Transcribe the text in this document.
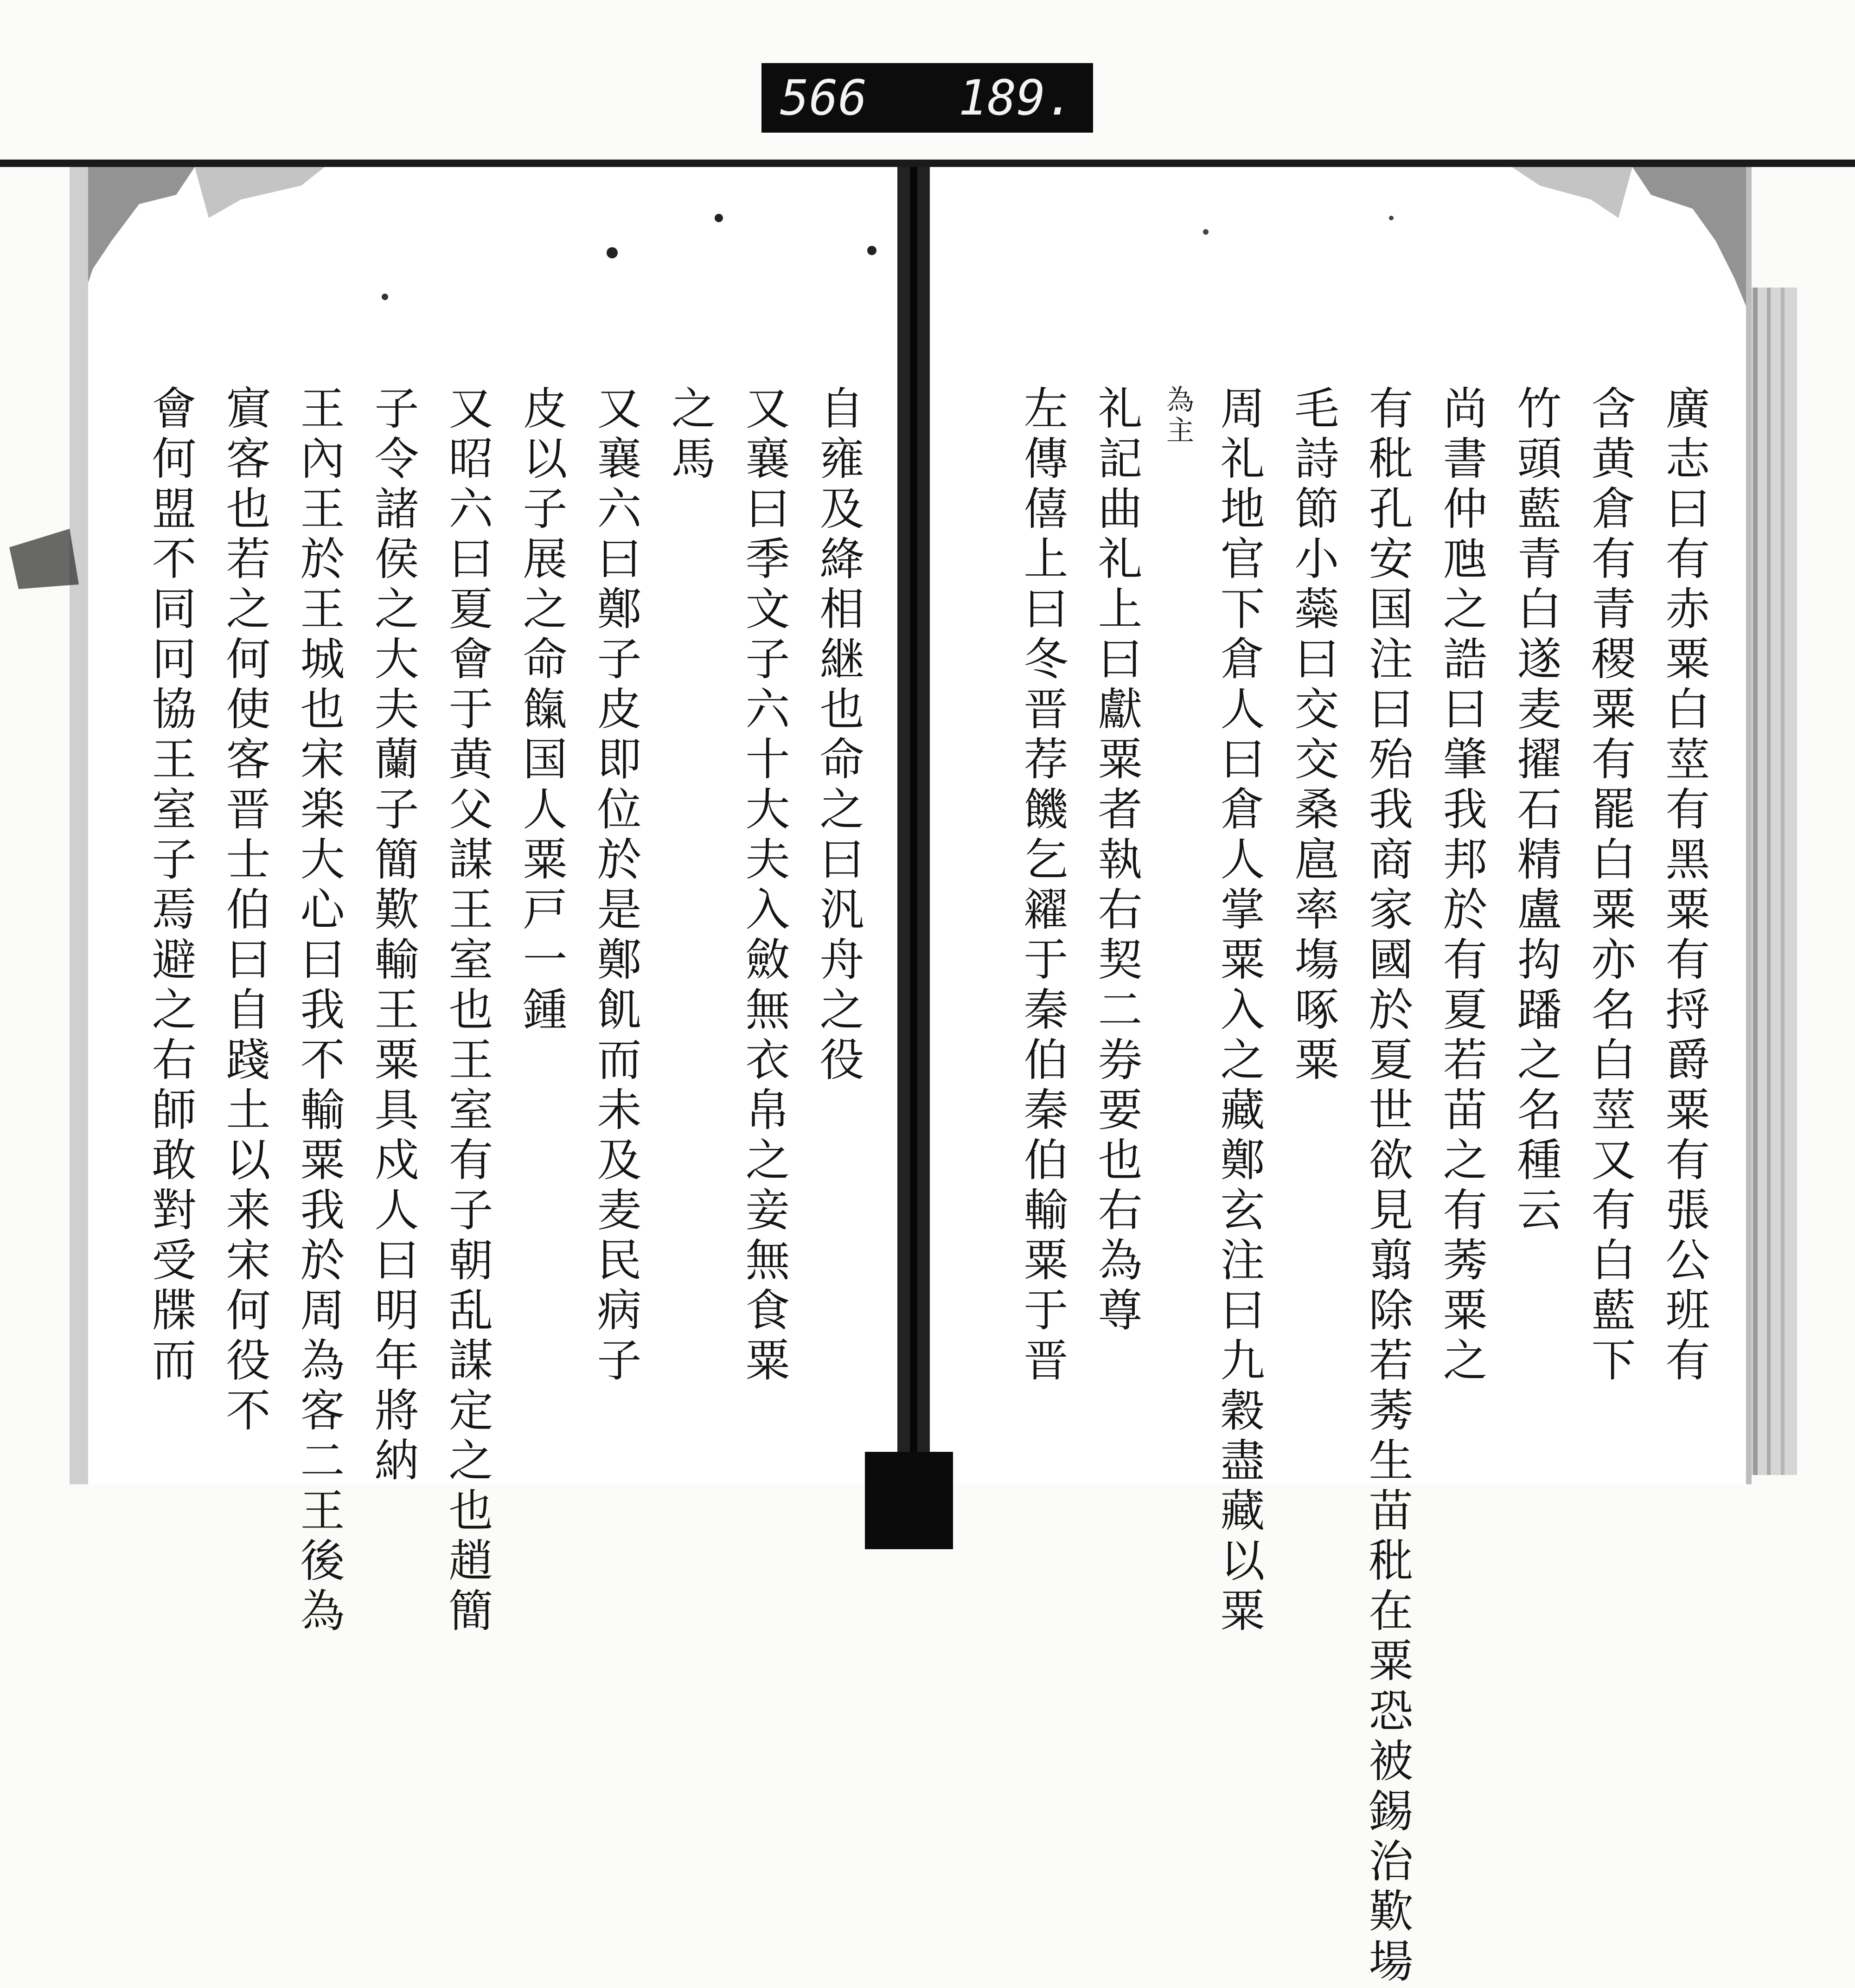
566 189.
廣志曰有赤粟白莖有黑粟有捋爵粟有張公班有
含黄倉有青稷粟有罷白粟亦名白莖又有白藍下
竹頭藍青白遂麦擢石精盧抅蹯之名種云
尚書仲虺之誥曰肇我邦於有夏若苗之有莠粟之
有秕孔安国注曰殆我商家國於夏世欲見翦除若莠生苗秕在粟恐被錫治歎場
毛詩節小蘂曰交交桑扈率塲啄粟
周礼地官下倉人曰倉人掌粟入之藏鄭玄注曰九穀盡藏以粟
為主
礼記曲礼上曰獻粟者執右契二券要也右為尊
左傳僖上曰冬晋荐饑乞糴于秦伯秦伯輸粟于晋
自雍及絳相継也命之曰汎舟之役
又襄曰季文子六十大夫入斂無衣帛之妾無食粟
之馬
又襄六曰鄭子皮即位於是鄭飢而未及麦民病子
皮以子展之命餼国人粟戸一鍾
又昭六曰夏會于黄父謀王室也王室有子朝乱謀定之也趙簡
子令諸侯之大夫蘭子簡歎輸王粟具戍人曰明年將納
王內王於王城也宋楽大心曰我不輸粟我於周為客二王後為
賔客也若之何使客晋士伯曰自踐土以来宋何役不
會何盟不同冋協王室子焉避之右師敢對受牒而
